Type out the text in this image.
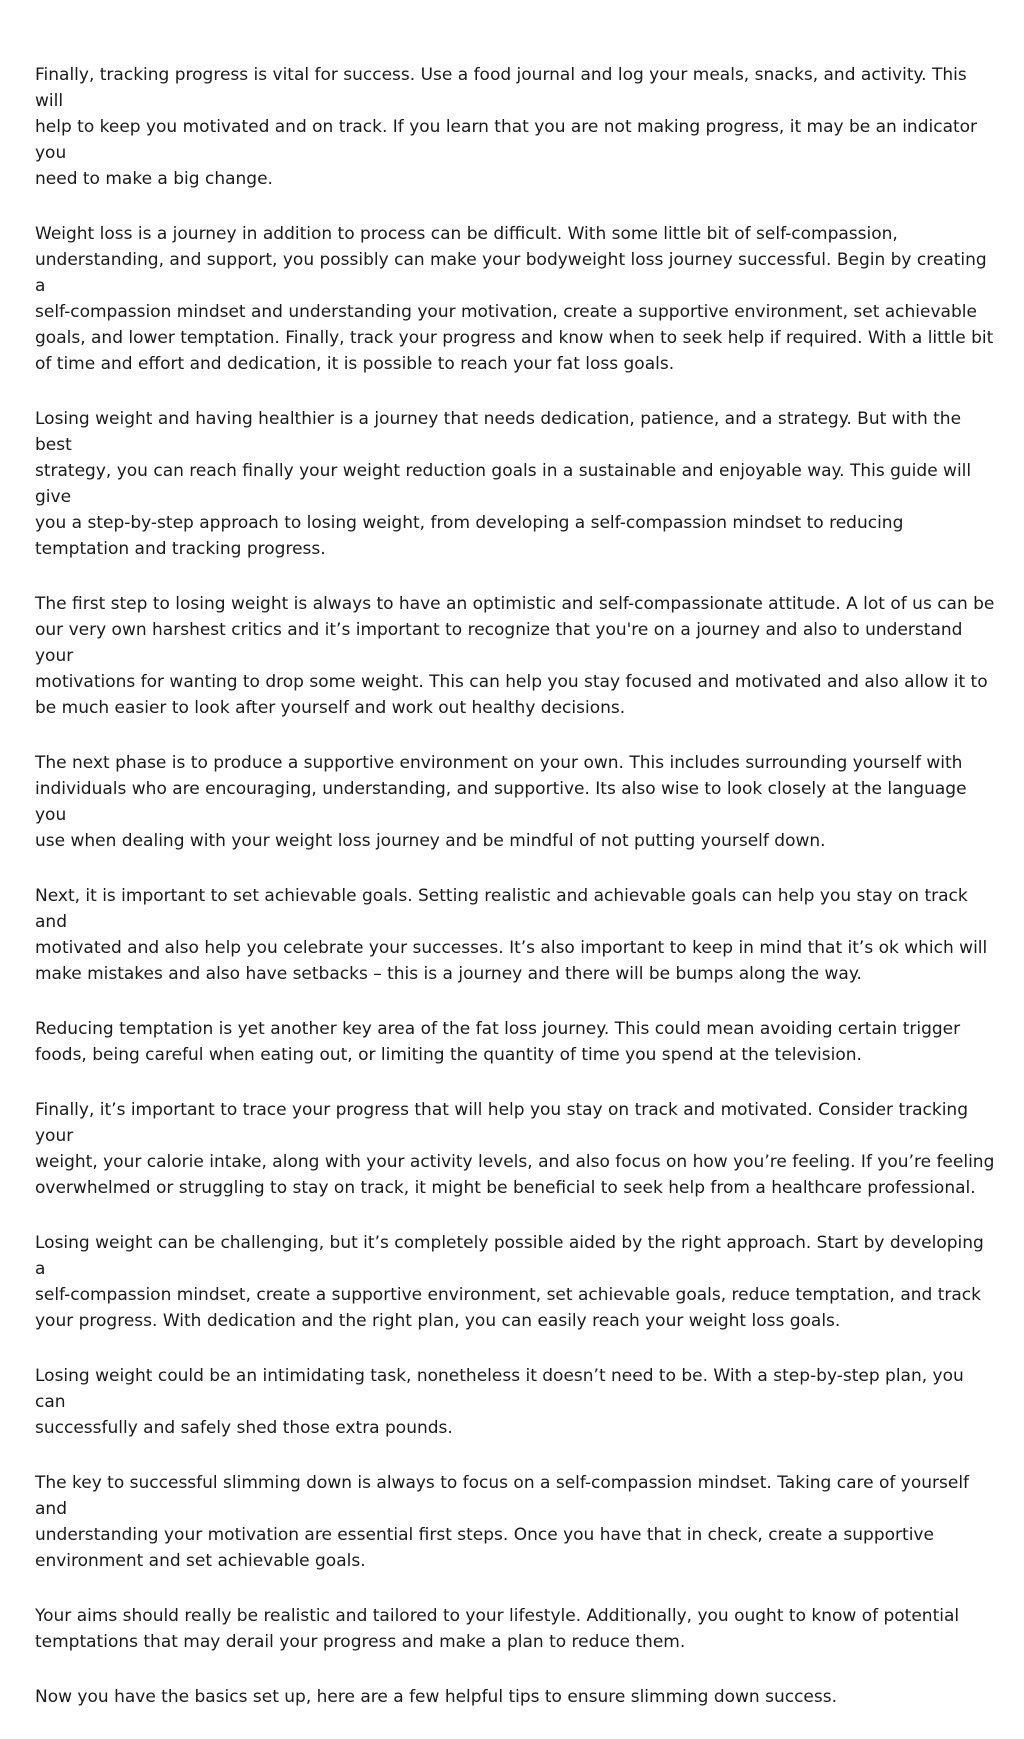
Finally, tracking progress is vital for success. Use a food journal and log your meals, snacks, and activity. This will
help to keep you motivated and on track. If you learn that you are not making progress, it may be an indicator you
need to make a big change.

Weight loss is a journey in addition to process can be difficult. With some little bit of self-compassion,
understanding, and support, you possibly can make your bodyweight loss journey successful. Begin by creating a
self-compassion mindset and understanding your motivation, create a supportive environment, set achievable
goals, and lower temptation. Finally, track your progress and know when to seek help if required. With a little bit
of time and effort and dedication, it is possible to reach your fat loss goals.

Losing weight and having healthier is a journey that needs dedication, patience, and a strategy. But with the best
strategy, you can reach finally your weight reduction goals in a sustainable and enjoyable way. This guide will give
you a step-by-step approach to losing weight, from developing a self-compassion mindset to reducing
temptation and tracking progress.

The first step to losing weight is always to have an optimistic and self-compassionate attitude. A lot of us can be
our very own harshest critics and it’s important to recognize that you're on a journey and also to understand your
motivations for wanting to drop some weight. This can help you stay focused and motivated and also allow it to
be much easier to look after yourself and work out healthy decisions.

The next phase is to produce a supportive environment on your own. This includes surrounding yourself with
individuals who are encouraging, understanding, and supportive. Its also wise to look closely at the language you
use when dealing with your weight loss journey and be mindful of not putting yourself down.

Next, it is important to set achievable goals. Setting realistic and achievable goals can help you stay on track and
motivated and also help you celebrate your successes. It’s also important to keep in mind that it’s ok which will
make mistakes and also have setbacks – this is a journey and there will be bumps along the way.

Reducing temptation is yet another key area of the fat loss journey. This could mean avoiding certain trigger
foods, being careful when eating out, or limiting the quantity of time you spend at the television.

Finally, it’s important to trace your progress that will help you stay on track and motivated. Consider tracking your
weight, your calorie intake, along with your activity levels, and also focus on how you’re feeling. If you’re feeling
overwhelmed or struggling to stay on track, it might be beneficial to seek help from a healthcare professional.

Losing weight can be challenging, but it’s completely possible aided by the right approach. Start by developing a
self-compassion mindset, create a supportive environment, set achievable goals, reduce temptation, and track
your progress. With dedication and the right plan, you can easily reach your weight loss goals.

Losing weight could be an intimidating task, nonetheless it doesn’t need to be. With a step-by-step plan, you can
successfully and safely shed those extra pounds.

The key to successful slimming down is always to focus on a self-compassion mindset. Taking care of yourself and
understanding your motivation are essential first steps. Once you have that in check, create a supportive
environment and set achievable goals.

Your aims should really be realistic and tailored to your lifestyle. Additionally, you ought to know of potential
temptations that may derail your progress and make a plan to reduce them.

Now you have the basics set up, here are a few helpful tips to ensure slimming down success.
